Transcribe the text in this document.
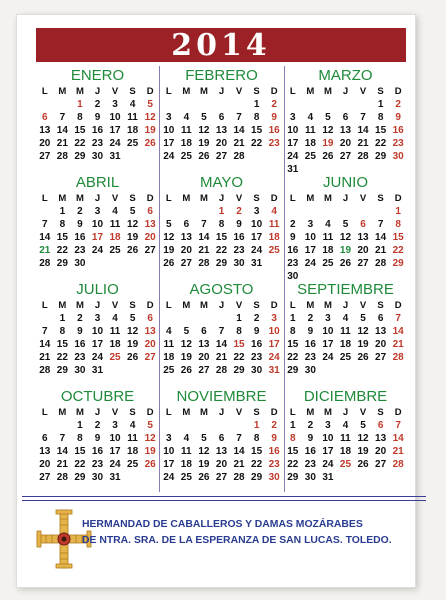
2014
ENERO
L	M	M	J	V	S	D
		1	2	3	4	5
6	7	8	9	10	11	12
13	14	15	16	17	18	19
20	21	22	23	24	25	26
27	28	29	30	31		
FEBRERO
L	M	M	J	V	S	D
					1	2
3	4	5	6	7	8	9
10	11	12	13	14	15	16
17	18	19	20	21	22	23
24	25	26	27	28		
MARZO
L	M	M	J	V	S	D
					1	2
3	4	5	6	7	8	9
10	11	12	13	14	15	16
17	18	19	20	21	22	23
24	25	26	27	28	29	30
31						
ABRIL
L	M	M	J	V	S	D
	1	2	3	4	5	6
7	8	9	10	11	12	13
14	15	16	17	18	19	20
21	22	23	24	25	26	27
28	29	30				
MAYO
L	M	M	J	V	S	D
			1	2	3	4
5	6	7	8	9	10	11
12	13	14	15	16	17	18
19	20	21	22	23	24	25
26	27	28	29	30	31	
JUNIO
L	M	M	J	V	S	D
						1
2	3	4	5	6	7	8
9	10	11	12	13	14	15
16	17	18	19	20	21	22
23	24	25	26	27	28	29
30						
JULIO
L	M	M	J	V	S	D
	1	2	3	4	5	6
7	8	9	10	11	12	13
14	15	16	17	18	19	20
21	22	23	24	25	26	27
28	29	30	31			
AGOSTO
L	M	M	J	V	S	D
				1	2	3
4	5	6	7	8	9	10
11	12	13	14	15	16	17
18	19	20	21	22	23	24
25	26	27	28	29	30	31
SEPTIEMBRE
L	M	M	J	V	S	D
1	2	3	4	5	6	7
8	9	10	11	12	13	14
15	16	17	18	19	20	21
22	23	24	25	26	27	28
29	30					
OCTUBRE
L	M	M	J	V	S	D
		1	2	3	4	5
6	7	8	9	10	11	12
13	14	15	16	17	18	19
20	21	22	23	24	25	26
27	28	29	30	31		
NOVIEMBRE
L	M	M	J	V	S	D
					1	2
3	4	5	6	7	8	9
10	11	12	13	14	15	16
17	18	19	20	21	22	23
24	25	26	27	28	29	30
DICIEMBRE
L	M	M	J	V	S	D
1	2	3	4	5	6	7
8	9	10	11	12	13	14
15	16	17	18	19	20	21
22	23	24	25	26	27	28
29	30	31				
HERMANDAD DE CABALLEROS Y DAMAS MOZÁRABES
DE NTRA. SRA. DE LA ESPERANZA DE SAN LUCAS. TOLEDO.
